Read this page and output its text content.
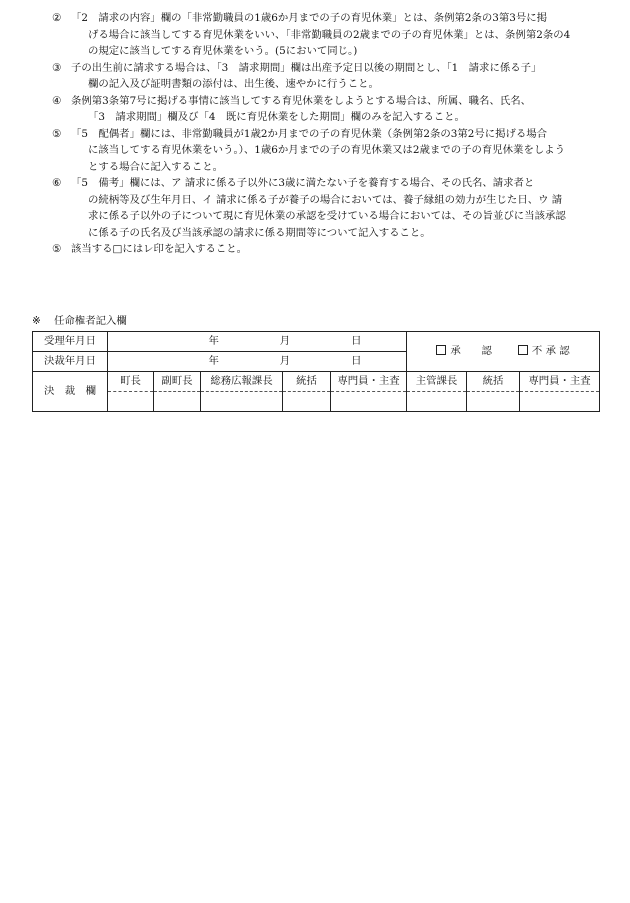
② 「2　請求の内容」欄の「非常勤職員の1歳6か月までの子の育児休業」とは、条例第2条の3第3号に掲
げる場合に該当してする育児休業をいい、「非常勤職員の2歳までの子の育児休業」とは、条例第2条の4
の規定に該当してする育児休業をいう。(5において同じ。)
③ 子の出生前に請求する場合は、「3　請求期間」欄は出産予定日以後の期間とし、「1　請求に係る子」
欄の記入及び証明書類の添付は、出生後、速やかに行うこと。
④ 条例第3条第7号に掲げる事情に該当してする育児休業をしようとする場合は、所属、職名、氏名、
「3　請求期間」欄及び「4　既に育児休業をした期間」欄のみを記入すること。
⑤ 「5　配偶者」欄には、非常勤職員が1歳2か月までの子の育児休業（条例第2条の3第2号に掲げる場合
に該当してする育児休業をいう。）、1歳6か月までの子の育児休業又は2歳までの子の育児休業をしよう
とする場合に記入すること。
⑥ 「5　備考」欄には、ア 請求に係る子以外に3歳に満たない子を養育する場合、その氏名、請求者と
の続柄等及び生年月日、イ 請求に係る子が養子の場合においては、養子縁組の効力が生じた日、ウ 請
求に係る子以外の子について現に育児休業の承認を受けている場合においては、その旨並びに当該承認
に係る子の氏名及び当該承認の請求に係る期間等について記入すること。
⑤ 該当する□にはレ印を記入すること。
※ 任命権者記入欄
受理年月日	年 月 日					承　　認 不 承 認		

決裁年月日	年 月 日							

決　裁　欄	町長	副町長	総務広報課長	統括	専門員・主査	主管課長	統括	専門員・主査
